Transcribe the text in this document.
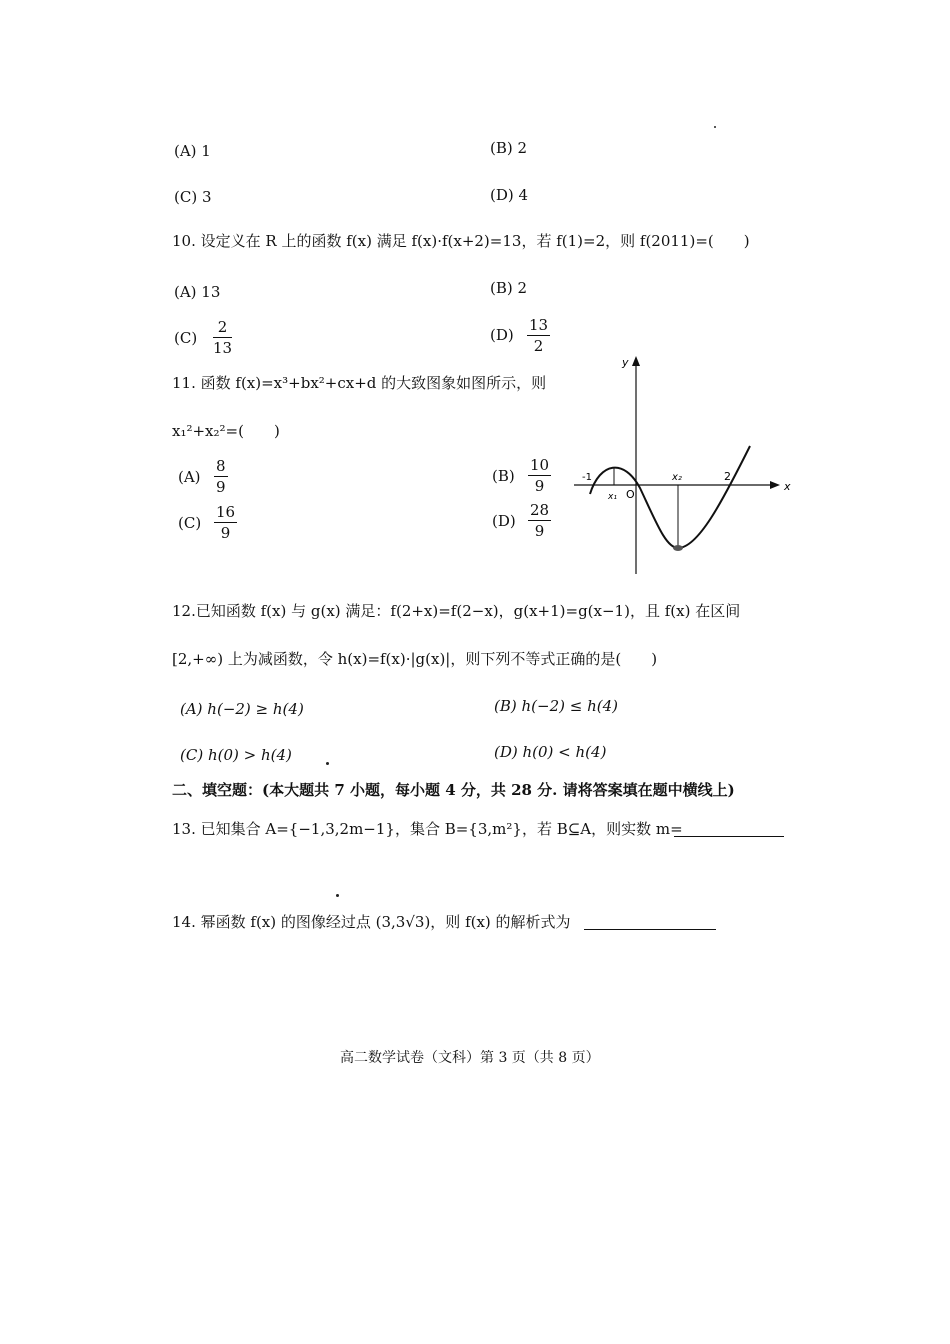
(A) 1	(B) 2
(C) 3	(D) 4
10. 设定义在 R 上的函数 f(x) 满足 f(x)·f(x+2)=13，若 f(1)=2，则 f(2011)=(　　)
(A) 13	(B) 2
$(C) \frac{2}{13}$	$(D) \frac{13}{2}$
11. 函数 f(x)=x³+bx²+cx+d 的大致图象如图所示，则
x₁²+x₂²=(　　)
$(A) \frac{8}{9}$	$(B) \frac{10}{9}$
$(C) \frac{16}{9}$	$(D) \frac{28}{9}$
y
x
-1
x₁ O
x₂	2
12.已知函数 f(x) 与 g(x) 满足：f(2+x)=f(2−x)，g(x+1)=g(x−1)，且 f(x) 在区间
[2,+∞) 上为减函数，令 h(x)=f(x)·|g(x)|，则下列不等式正确的是(　　)
(A) h(−2) ≥ h(4)	(B) h(−2) ≤ h(4)
(C) h(0) > h(4)	(D) h(0) < h(4)
二、填空题：(本大题共 7 小题，每小题 4 分，共 28 分. 请将答案填在题中横线上)
13. 已知集合 A={−1,3,2m−1}，集合 B={3,m²}，若 B⊆A，则实数 m=
14. 幂函数 f(x) 的图像经过点 (3,3√3)，则 f(x) 的解析式为
高二数学试卷（文科）第 3 页（共 8 页）
